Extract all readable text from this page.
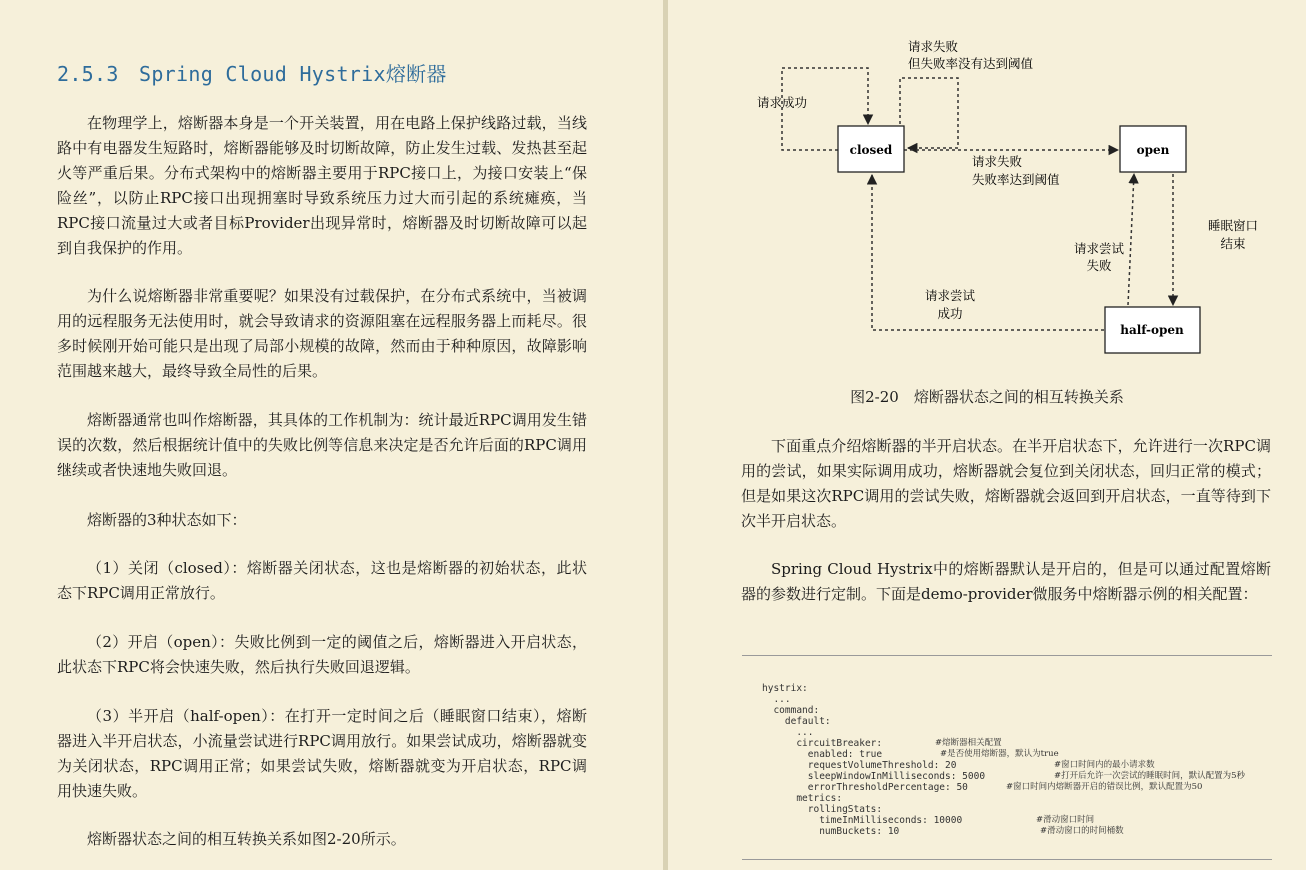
2.5.3　Spring Cloud Hystrix熔断器
在物理学上，熔断器本身是一个开关装置，用在电路上保护线路过载，当线路中有电器发生短路时，熔断器能够及时切断故障，防止发生过载、发热甚至起火等严重后果。分布式架构中的熔断器主要用于RPC接口上，为接口安装上“保险丝”，以防止RPC接口出现拥塞时导致系统压力过大而引起的系统瘫痪，当RPC接口流量过大或者目标Provider出现异常时，熔断器及时切断故障可以起到自我保护的作用。
为什么说熔断器非常重要呢？如果没有过载保护，在分布式系统中，当被调用的远程服务无法使用时，就会导致请求的资源阻塞在远程服务器上而耗尽。很多时候刚开始可能只是出现了局部小规模的故障，然而由于种种原因，故障影响范围越来越大，最终导致全局性的后果。
熔断器通常也叫作熔断器，其具体的工作机制为：统计最近RPC调用发生错误的次数，然后根据统计值中的失败比例等信息来决定是否允许后面的RPC调用继续或者快速地失败回退。
熔断器的3种状态如下：
（1）关闭（closed）：熔断器关闭状态，这也是熔断器的初始状态，此状态下RPC调用正常放行。
（2）开启（open）：失败比例到一定的阈值之后，熔断器进入开启状态，此状态下RPC将会快速失败，然后执行失败回退逻辑。
（3）半开启（half-open）：在打开一定时间之后（睡眠窗口结束），熔断器进入半开启状态，小流量尝试进行RPC调用放行。如果尝试成功，熔断器就变为关闭状态，RPC调用正常；如果尝试失败，熔断器就变为开启状态，RPC调用快速失败。
熔断器状态之间的相互转换关系如图2-20所示。
closed	open
half-open
请求成功
请求失败
但失败率没有达到阈值
请求失败
失败率达到阈值
睡眠窗口
结束
请求尝试
失败
请求尝试
成功
图2-20　熔断器状态之间的相互转换关系
下面重点介绍熔断器的半开启状态。在半开启状态下，允许进行一次RPC调用的尝试，如果实际调用成功，熔断器就会复位到关闭状态，回归正常的模式；但是如果这次RPC调用的尝试失败，熔断器就会返回到开启状态，一直等待到下次半开启状态。
Spring Cloud Hystrix中的熔断器默认是开启的，但是可以通过配置熔断器的参数进行定制。下面是demo-provider微服务中熔断器示例的相关配置：
hystrix:
...
command:
default:
...
circuitBreaker:
enabled: true
requestVolumeThreshold: 20
sleepWindowInMilliseconds: 5000
errorThresholdPercentage: 50
metrics:
rollingStats:
timeInMilliseconds: 10000
numBuckets: 10
#熔断器相关配置
#是否使用熔断器，默认为true
#窗口时间内的最小请求数
#打开后允许一次尝试的睡眠时间，默认配置为5秒
#窗口时间内熔断器开启的错误比例，默认配置为50
#滑动窗口时间
#滑动窗口的时间桶数
